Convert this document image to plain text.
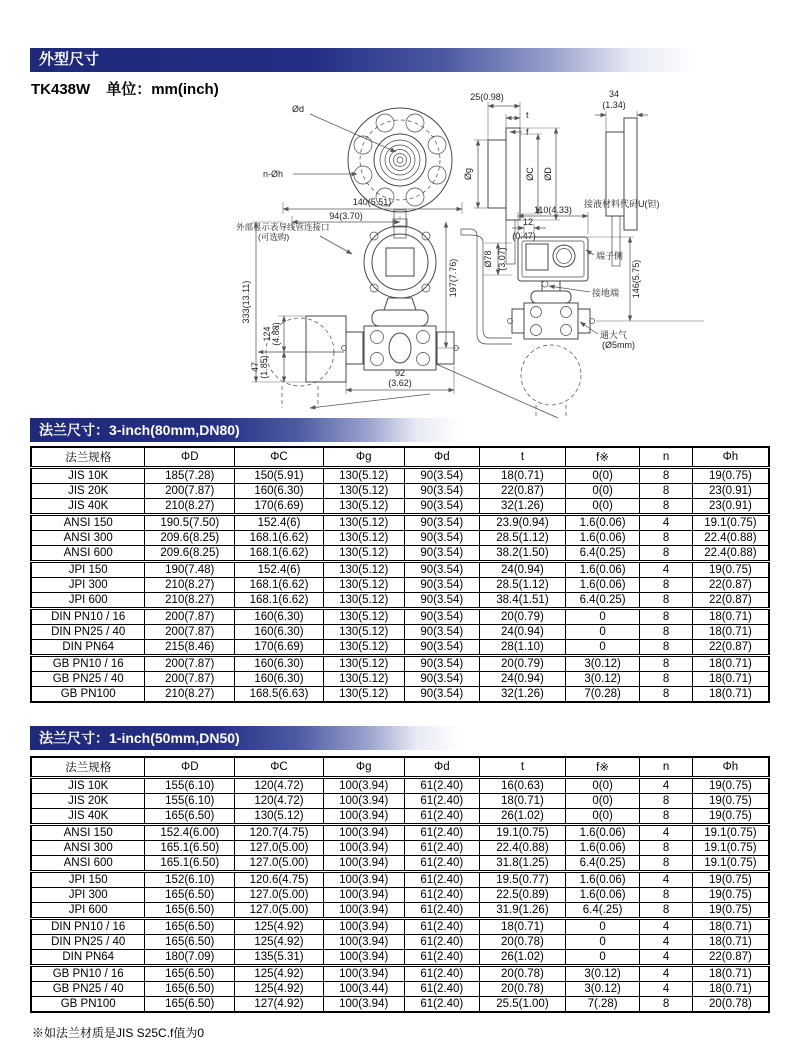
外型尺寸
TK438W 单位：mm(inch)
Ød
n-Øh
25(0.98)
t
f
Øg	ØC ØD
34
(1.34)
接液材料代码U(钽)
140(5.51)
94(3.70)
外部显示表导线管连接口
(可选购)
333(13.11)
124 (4.88)
47 (1.85)	92
(3.62)
197(7.76)
110(4.33)
12
(0.47)
端子侧
接地端 146(5.75)
Ø78 (3.07)
通大气
(Ø5mm)
法兰尺寸：3-inch(80mm,DN80)
法兰规格	ΦD	ΦC	Φg	Φd	t	f※	n	Φh
JIS 10K	185(7.28)	150(5.91)	130(5.12)	90(3.54)	18(0.71)	0(0)	8	19(0.75)
JIS 20K	200(7.87)	160(6.30)	130(5.12)	90(3.54)	22(0.87)	0(0)	8	23(0.91)
JIS 40K	210(8.27)	170(6.69)	130(5.12)	90(3.54)	32(1.26)	0(0)	8	23(0.91)
ANSI 150	190.5(7.50)	152.4(6)	130(5.12)	90(3.54)	23.9(0.94)	1.6(0.06)	4	19.1(0.75)
ANSI 300	209.6(8.25)	168.1(6.62)	130(5.12)	90(3.54)	28.5(1.12)	1.6(0.06)	8	22.4(0.88)
ANSI 600	209.6(8.25)	168.1(6.62)	130(5.12)	90(3.54)	38.2(1.50)	6.4(0.25)	8	22.4(0.88)
JPI 150	190(7.48)	152.4(6)	130(5.12)	90(3.54)	24(0.94)	1.6(0.06)	4	19(0.75)
JPI 300	210(8.27)	168.1(6.62)	130(5.12)	90(3.54)	28.5(1.12)	1.6(0.06)	8	22(0.87)
JPI 600	210(8.27)	168.1(6.62)	130(5.12)	90(3.54)	38.4(1.51)	6.4(0.25)	8	22(0.87)
DIN PN10 / 16	200(7.87)	160(6.30)	130(5.12)	90(3.54)	20(0.79)	0	8	18(0.71)
DIN PN25 / 40	200(7.87)	160(6.30)	130(5.12)	90(3.54)	24(0.94)	0	8	18(0.71)
DIN PN64	215(8.46)	170(6.69)	130(5.12)	90(3.54)	28(1.10)	0	8	22(0.87)
GB PN10 / 16	200(7.87)	160(6.30)	130(5.12)	90(3.54)	20(0.79)	3(0.12)	8	18(0.71)
GB PN25 / 40	200(7.87)	160(6.30)	130(5.12)	90(3.54)	24(0.94)	3(0.12)	8	18(0.71)
GB PN100	210(8.27)	168.5(6.63)	130(5.12)	90(3.54)	32(1.26)	7(0.28)	8	18(0.71)
法兰尺寸：1-inch(50mm,DN50)
法兰规格	ΦD	ΦC	Φg	Φd	t	f※	n	Φh
JIS 10K	155(6.10)	120(4.72)	100(3.94)	61(2.40)	16(0.63)	0(0)	4	19(0.75)
JIS 20K	155(6.10)	120(4.72)	100(3.94)	61(2.40)	18(0.71)	0(0)	8	19(0.75)
JIS 40K	165(6.50)	130(5.12)	100(3.94)	61(2.40)	26(1.02)	0(0)	8	19(0.75)
ANSI 150	152.4(6.00)	120.7(4.75)	100(3.94)	61(2.40)	19.1(0.75)	1.6(0.06)	4	19.1(0.75)
ANSI 300	165.1(6.50)	127.0(5.00)	100(3.94)	61(2.40)	22.4(0.88)	1.6(0.06)	8	19.1(0.75)
ANSI 600	165.1(6.50)	127.0(5.00)	100(3.94)	61(2.40)	31.8(1.25)	6.4(0.25)	8	19.1(0.75)
JPI 150	152(6.10)	120.6(4.75)	100(3.94)	61(2.40)	19.5(0.77)	1.6(0.06)	4	19(0.75)
JPI 300	165(6.50)	127.0(5.00)	100(3.94)	61(2.40)	22.5(0.89)	1.6(0.06)	8	19(0.75)
JPI 600	165(6.50)	127.0(5.00)	100(3.94)	61(2.40)	31.9(1.26)	6.4(.25)	8	19(0.75)
DIN PN10 / 16	165(6.50)	125(4.92)	100(3.94)	61(2.40)	18(0.71)	0	4	18(0.71)
DIN PN25 / 40	165(6.50)	125(4.92)	100(3.94)	61(2.40)	20(0.78)	0	4	18(0.71)
DIN PN64	180(7.09)	135(5.31)	100(3.94)	61(2.40)	26(1.02)	0	4	22(0.87)
GB PN10 / 16	165(6.50)	125(4.92)	100(3.94)	61(2.40)	20(0.78)	3(0.12)	4	18(0.71)
GB PN25 / 40	165(6.50)	125(4.92)	100(3.44)	61(2.40)	20(0.78)	3(0.12)	4	18(0.71)
GB PN100	165(6.50)	127(4.92)	100(3.94)	61(2.40)	25.5(1.00)	7(.28)	8	20(0.78)
※如法兰材质是JIS S25C.f值为0
